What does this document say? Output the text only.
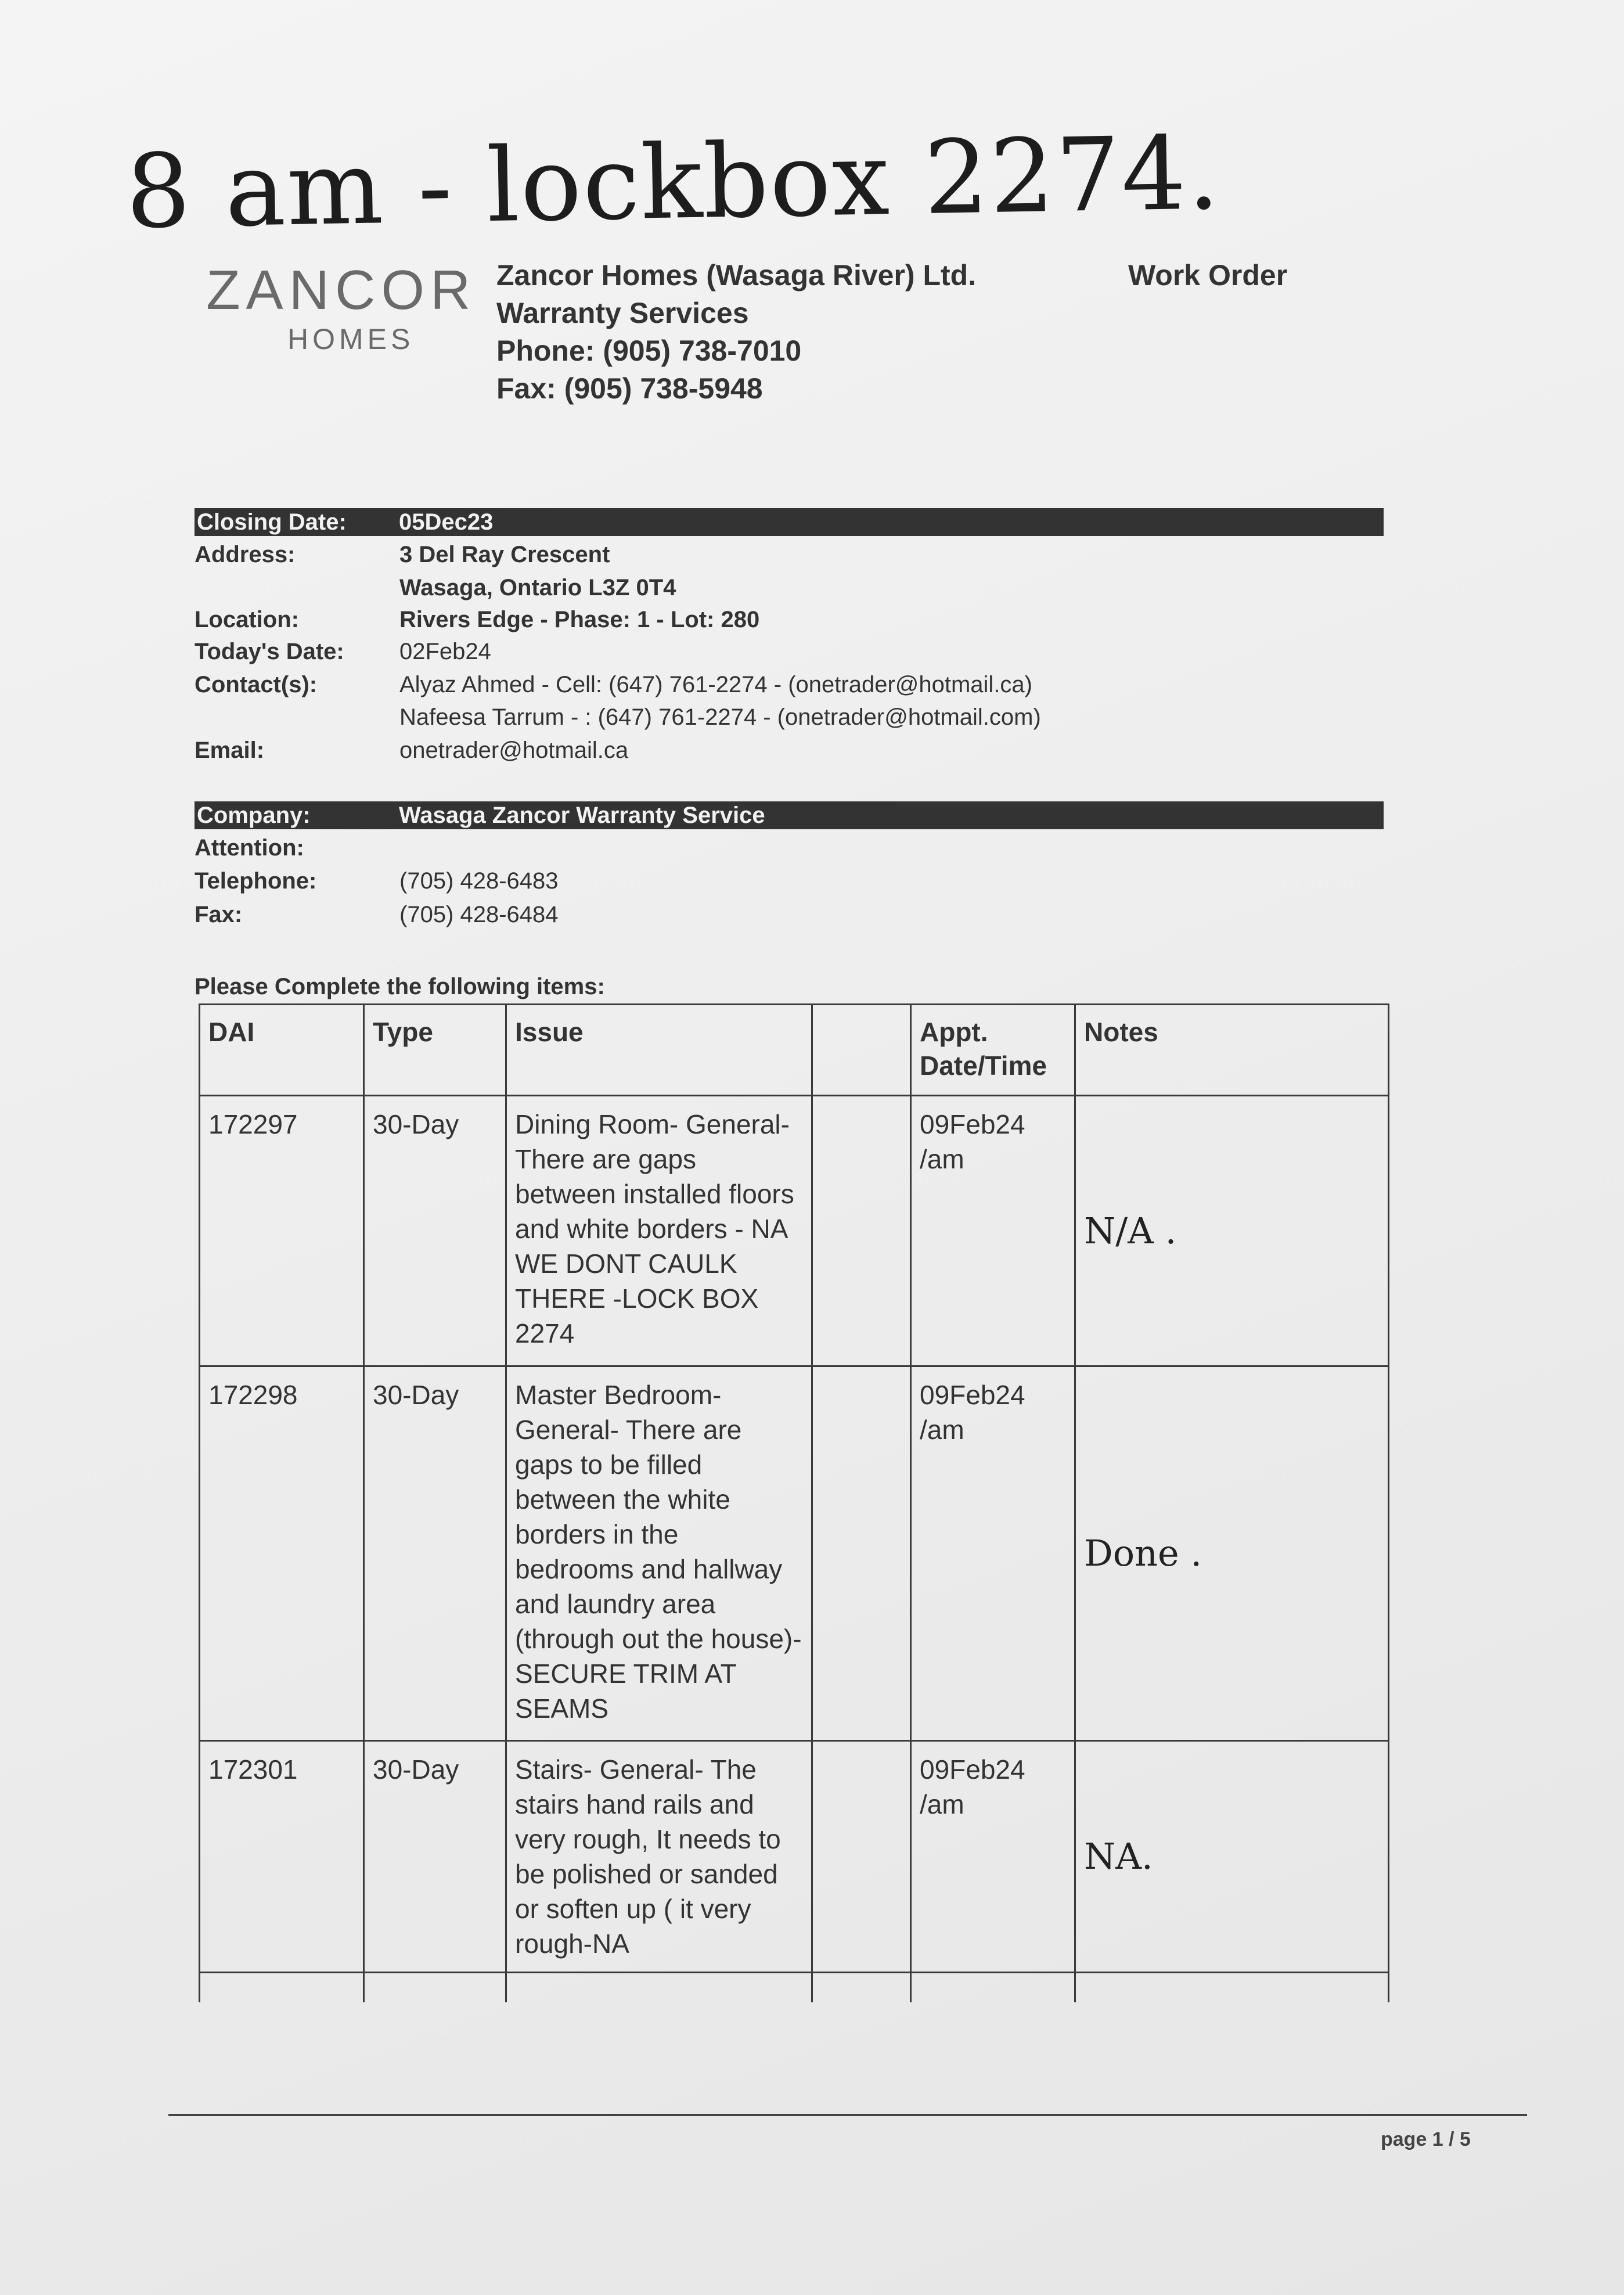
8 am - lockbox 2274.
ZANCOR
HOMES
Zancor Homes (Wasaga River) Ltd.
Warranty Services
Phone: (905) 738-7010
Fax: (905) 738-5948
Work Order
Closing Date: 05Dec23
Address:	3 Del Ray Crescent
Wasaga, Ontario L3Z 0T4
Location:	Rivers Edge - Phase: 1 - Lot: 280
Today's Date: 02Feb24
Contact(s):	Alyaz Ahmed - Cell: (647) 761-2274 - (onetrader@hotmail.ca)
Nafeesa Tarrum - : (647) 761-2274 - (onetrader@hotmail.com)
Email:	onetrader@hotmail.ca
Company:	Wasaga Zancor Warranty Service
Attention:
Telephone:	(705) 428-6483
Fax:	(705) 428-6484
Please Complete the following items:
DAI	Type	Issue		Appt. Date/Time	Notes
172297	30-Day	Dining Room- General- There are gaps between installed floors and white borders - NA WE DONT CAULK THERE -LOCK BOX 2274		09Feb24 /am	N/A .
172298	30-Day	Master Bedroom- General- There are gaps to be filled between the white borders in the bedrooms and hallway and laundry area (through out the house)-SECURE TRIM AT SEAMS		09Feb24 /am	Done .
172301	30-Day	Stairs- General- The stairs hand rails and very rough, It needs to be polished or sanded or soften up ( it very rough-NA		09Feb24 /am	NA.

page 1 / 5
